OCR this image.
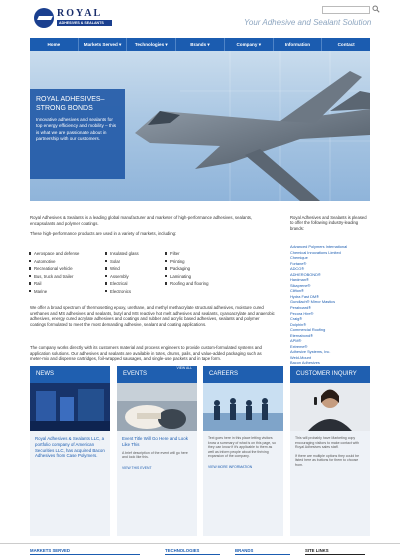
ROYAL
ADHESIVES & SEALANTS	Your Adhesive and Sealant Solution
Home	Markets Served ▾	Technologies ▾	Brands ▾	Company ▾	Information	Contact
ROYAL ADHESIVES–
STRONG BONDS
Innovative adhesives and sealants for top energy efficiency and mobility – this is what we are passionate about in partnership with our customers.

Royal Adhesives & Sealants is a leading global manufacturer and marketer of high-performance adhesives, sealants, encapsulants and polymer coatings.

These high-performance products are used in a variety of markets, including:

Aerospace and defense
Automotive
Recreational vehicle
Bus, truck and trailer
Rail
Marine
Insulated glass
Solar
Wind
Assembly
Electrical
Electronics
Filter
Printing
Packaging
Laminating
Roofing and flooring

We offer a broad spectrum of thermosetting epoxy, urethane, and methyl methacrylate structural adhesives, moisture cured urethanes and MS adhesives and sealants, butyl and MS reactive hot melt adhesives and sealants, cyanoacrylate and anaerobic adhesives, energy cured acrylate adhesives and coatings and rubber and acrylic based adhesives, sealants and polymer coatings formulated to meet the most demanding adhesive, sealant and coating applications.

The company works directly with its customers material and process engineers to provide custom-formulated systems and application solutions. Our adhesives and sealants are available in totes, drums, pails, and value-added packaging such as meter-mix and dispense cartridges, foil-wrapped sausages, and single-use packets and in tape form.

Royal Adhesives and Sealants is pleased to offer the following industry-leading brands:
Advanced Polymers International
Chemical Innovations Limited
Chemique
Fortane®
ADCO®
ADHEROBOND®
Hardman®
Sikaprene®
Clifton®
Hydra Fast DM®
Gundlach® Mirror Mastics
Peraboard®
Pecora Hire®
Craig®
Dolphin®
Commercial Roofing
Eternabond®
APM®
Extreme®
Adhesive Systems, Inc.
Weld-Mount
Bacon Adhesives
NEWS
Royal Adhesives & Sealants LLC, a portfolio company of American Securities LLC, has acquired Bacon Adhesives from Case Polymers.
EVENTS
VIEW ALL
Event Title Will Go Here and Look Like This
A brief description of the event will go here and look like this.
VIEW THIS EVENT
CAREERS
Text goes here in this place letting visitors know a summary of what is on this page, so they can know if it's applicable to them as well as inform people about the thriving expansion of the company.
VIEW MORE INFORMATION
CUSTOMER INQUIRY
This will probably have Marketing copy encouraging visitors to make contact with Royal Adhesives sales staff.
If there are multiple options they could be listed here as buttons for them to choose from.
MARKETS SERVED	TECHNOLOGIES	BRANDS	SITE LINKS
